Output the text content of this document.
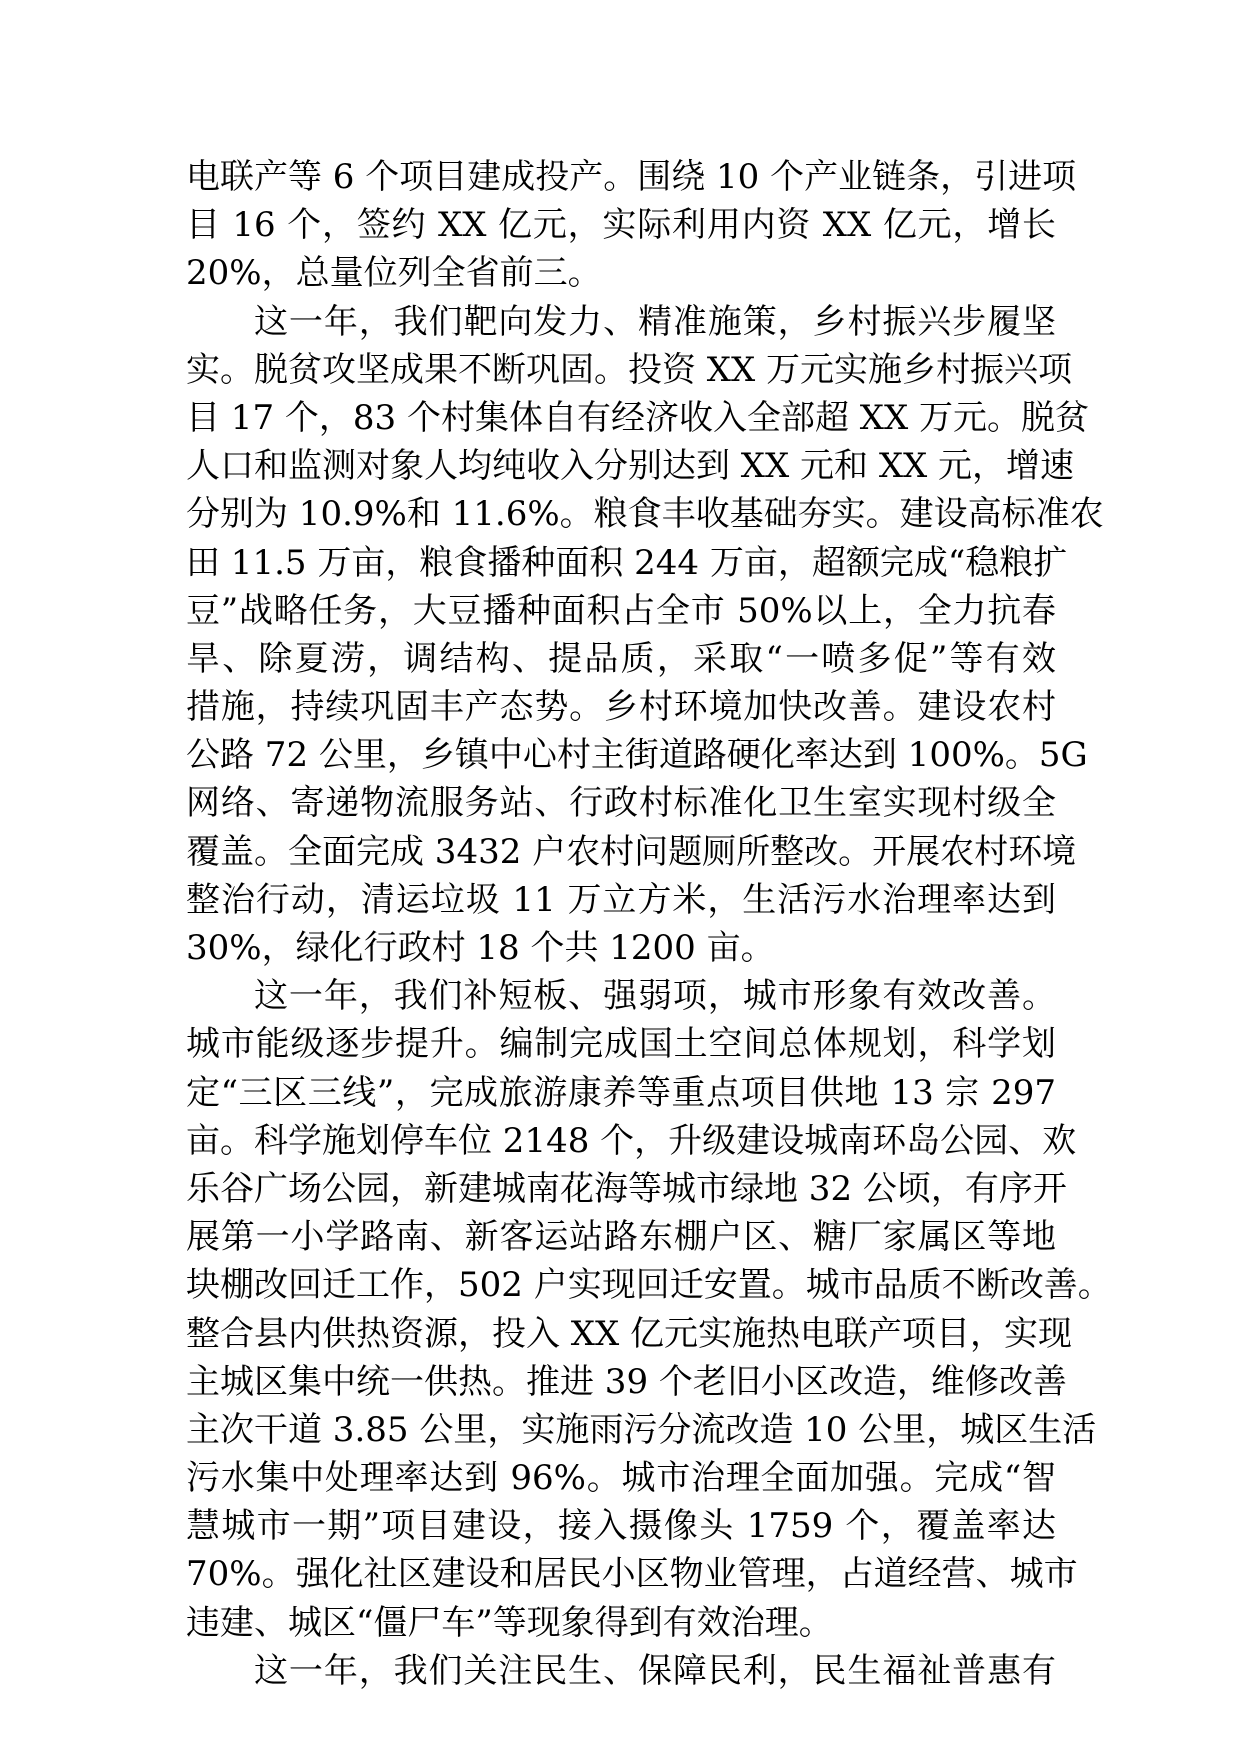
电联产等 6 个项目建成投产。围绕 10 个产业链条，引进项
目 16 个，签约 XX 亿元，实际利用内资 XX 亿元，增长
20%，总量位列全省前三。
这一年，我们靶向发力、精准施策，乡村振兴步履坚
实。脱贫攻坚成果不断巩固。投资 XX 万元实施乡村振兴项
目 17 个，83 个村集体自有经济收入全部超 XX 万元。脱贫
人口和监测对象人均纯收入分别达到 XX 元和 XX 元，增速
分别为 10.9%和 11.6%。粮食丰收基础夯实。建设高标准农
田 11.5 万亩，粮食播种面积 244 万亩，超额完成“稳粮扩
豆”战略任务，大豆播种面积占全市 50%以上，全力抗春
旱、除夏涝，调结构、提品质，采取“一喷多促”等有效
措施，持续巩固丰产态势。乡村环境加快改善。建设农村
公路 72 公里，乡镇中心村主街道路硬化率达到 100%。5G
网络、寄递物流服务站、行政村标准化卫生室实现村级全
覆盖。全面完成 3432 户农村问题厕所整改。开展农村环境
整治行动，清运垃圾 11 万立方米，生活污水治理率达到
30%，绿化行政村 18 个共 1200 亩。
这一年，我们补短板、强弱项，城市形象有效改善。
城市能级逐步提升。编制完成国土空间总体规划，科学划
定“三区三线”，完成旅游康养等重点项目供地 13 宗 297
亩。科学施划停车位 2148 个，升级建设城南环岛公园、欢
乐谷广场公园，新建城南花海等城市绿地 32 公顷，有序开
展第一小学路南、新客运站路东棚户区、糖厂家属区等地
块棚改回迁工作，502 户实现回迁安置。城市品质不断改善。
整合县内供热资源，投入 XX 亿元实施热电联产项目，实现
主城区集中统一供热。推进 39 个老旧小区改造，维修改善
主次干道 3.85 公里，实施雨污分流改造 10 公里，城区生活
污水集中处理率达到 96%。城市治理全面加强。完成“智
慧城市一期”项目建设，接入摄像头 1759 个，覆盖率达
70%。强化社区建设和居民小区物业管理，占道经营、城市
违建、城区“僵尸车”等现象得到有效治理。
这一年，我们关注民生、保障民利，民生福祉普惠有
